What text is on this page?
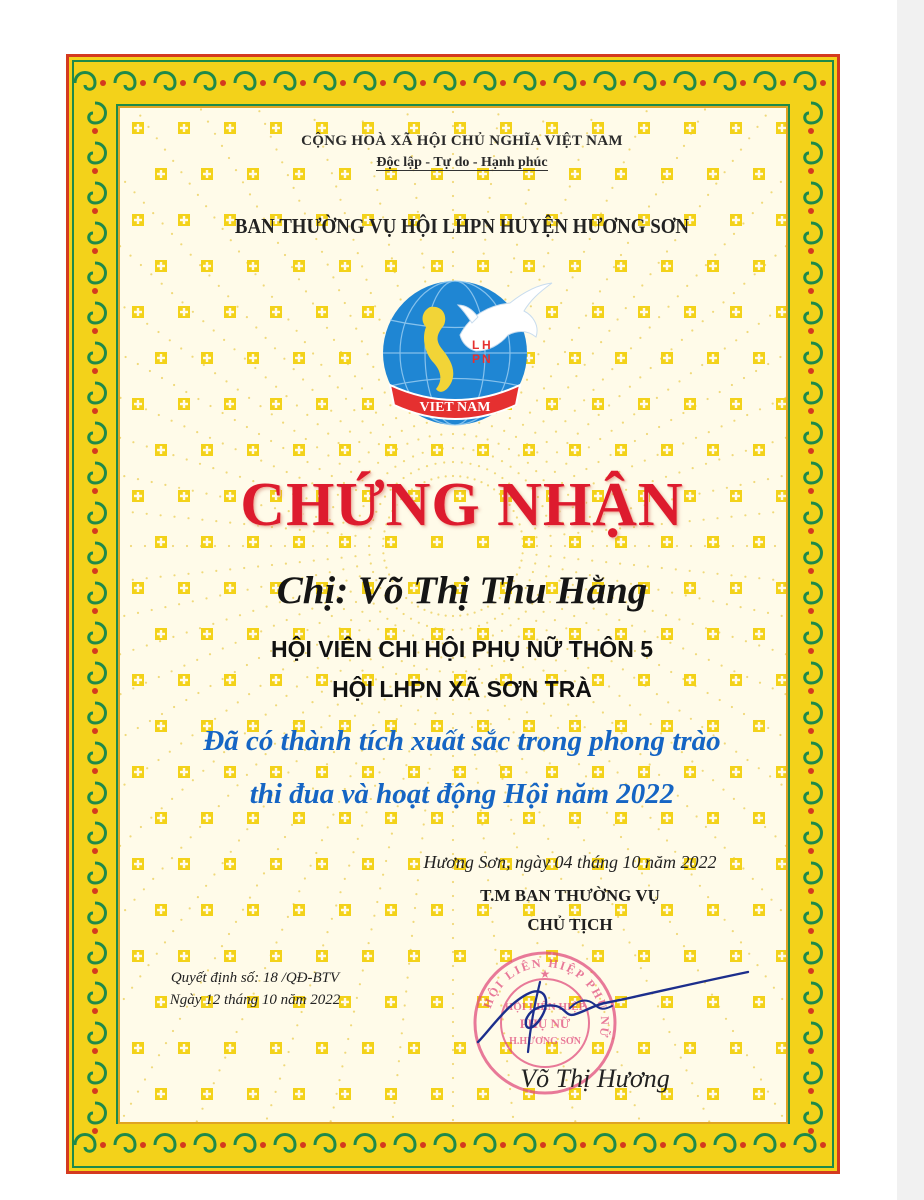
CỘNG HOÀ XÃ HỘI CHỦ NGHĨA VIỆT NAM
Độc lập - Tự do - Hạnh phúc
BAN THƯỜNG VỤ HỘI LHPN HUYỆN HƯƠNG SƠN
L H
P N
VIET NAM
CHỨNG NHẬN
Chị: Võ Thị Thu Hằng
HỘI VIÊN CHI HỘI PHỤ NỮ THÔN 5
HỘI LHPN XÃ SƠN TRÀ
Đã có thành tích xuất sắc trong phong trào
thi đua và hoạt động Hội năm 2022
Hương Sơn, ngày 04 tháng 10 năm 2022
T.M BAN THƯỜNG VỤ
CHỦ TỊCH
Quyết định số: 18 /QĐ-BTV
Ngày 12 tháng 10 năm 2022	HỘI LIÊN HIỆP PHỤ NỮ
HỘI LIÊN HIỆP
PHỤ NỮ
H.HƯƠNG SƠN
★
Võ Thị Hương
